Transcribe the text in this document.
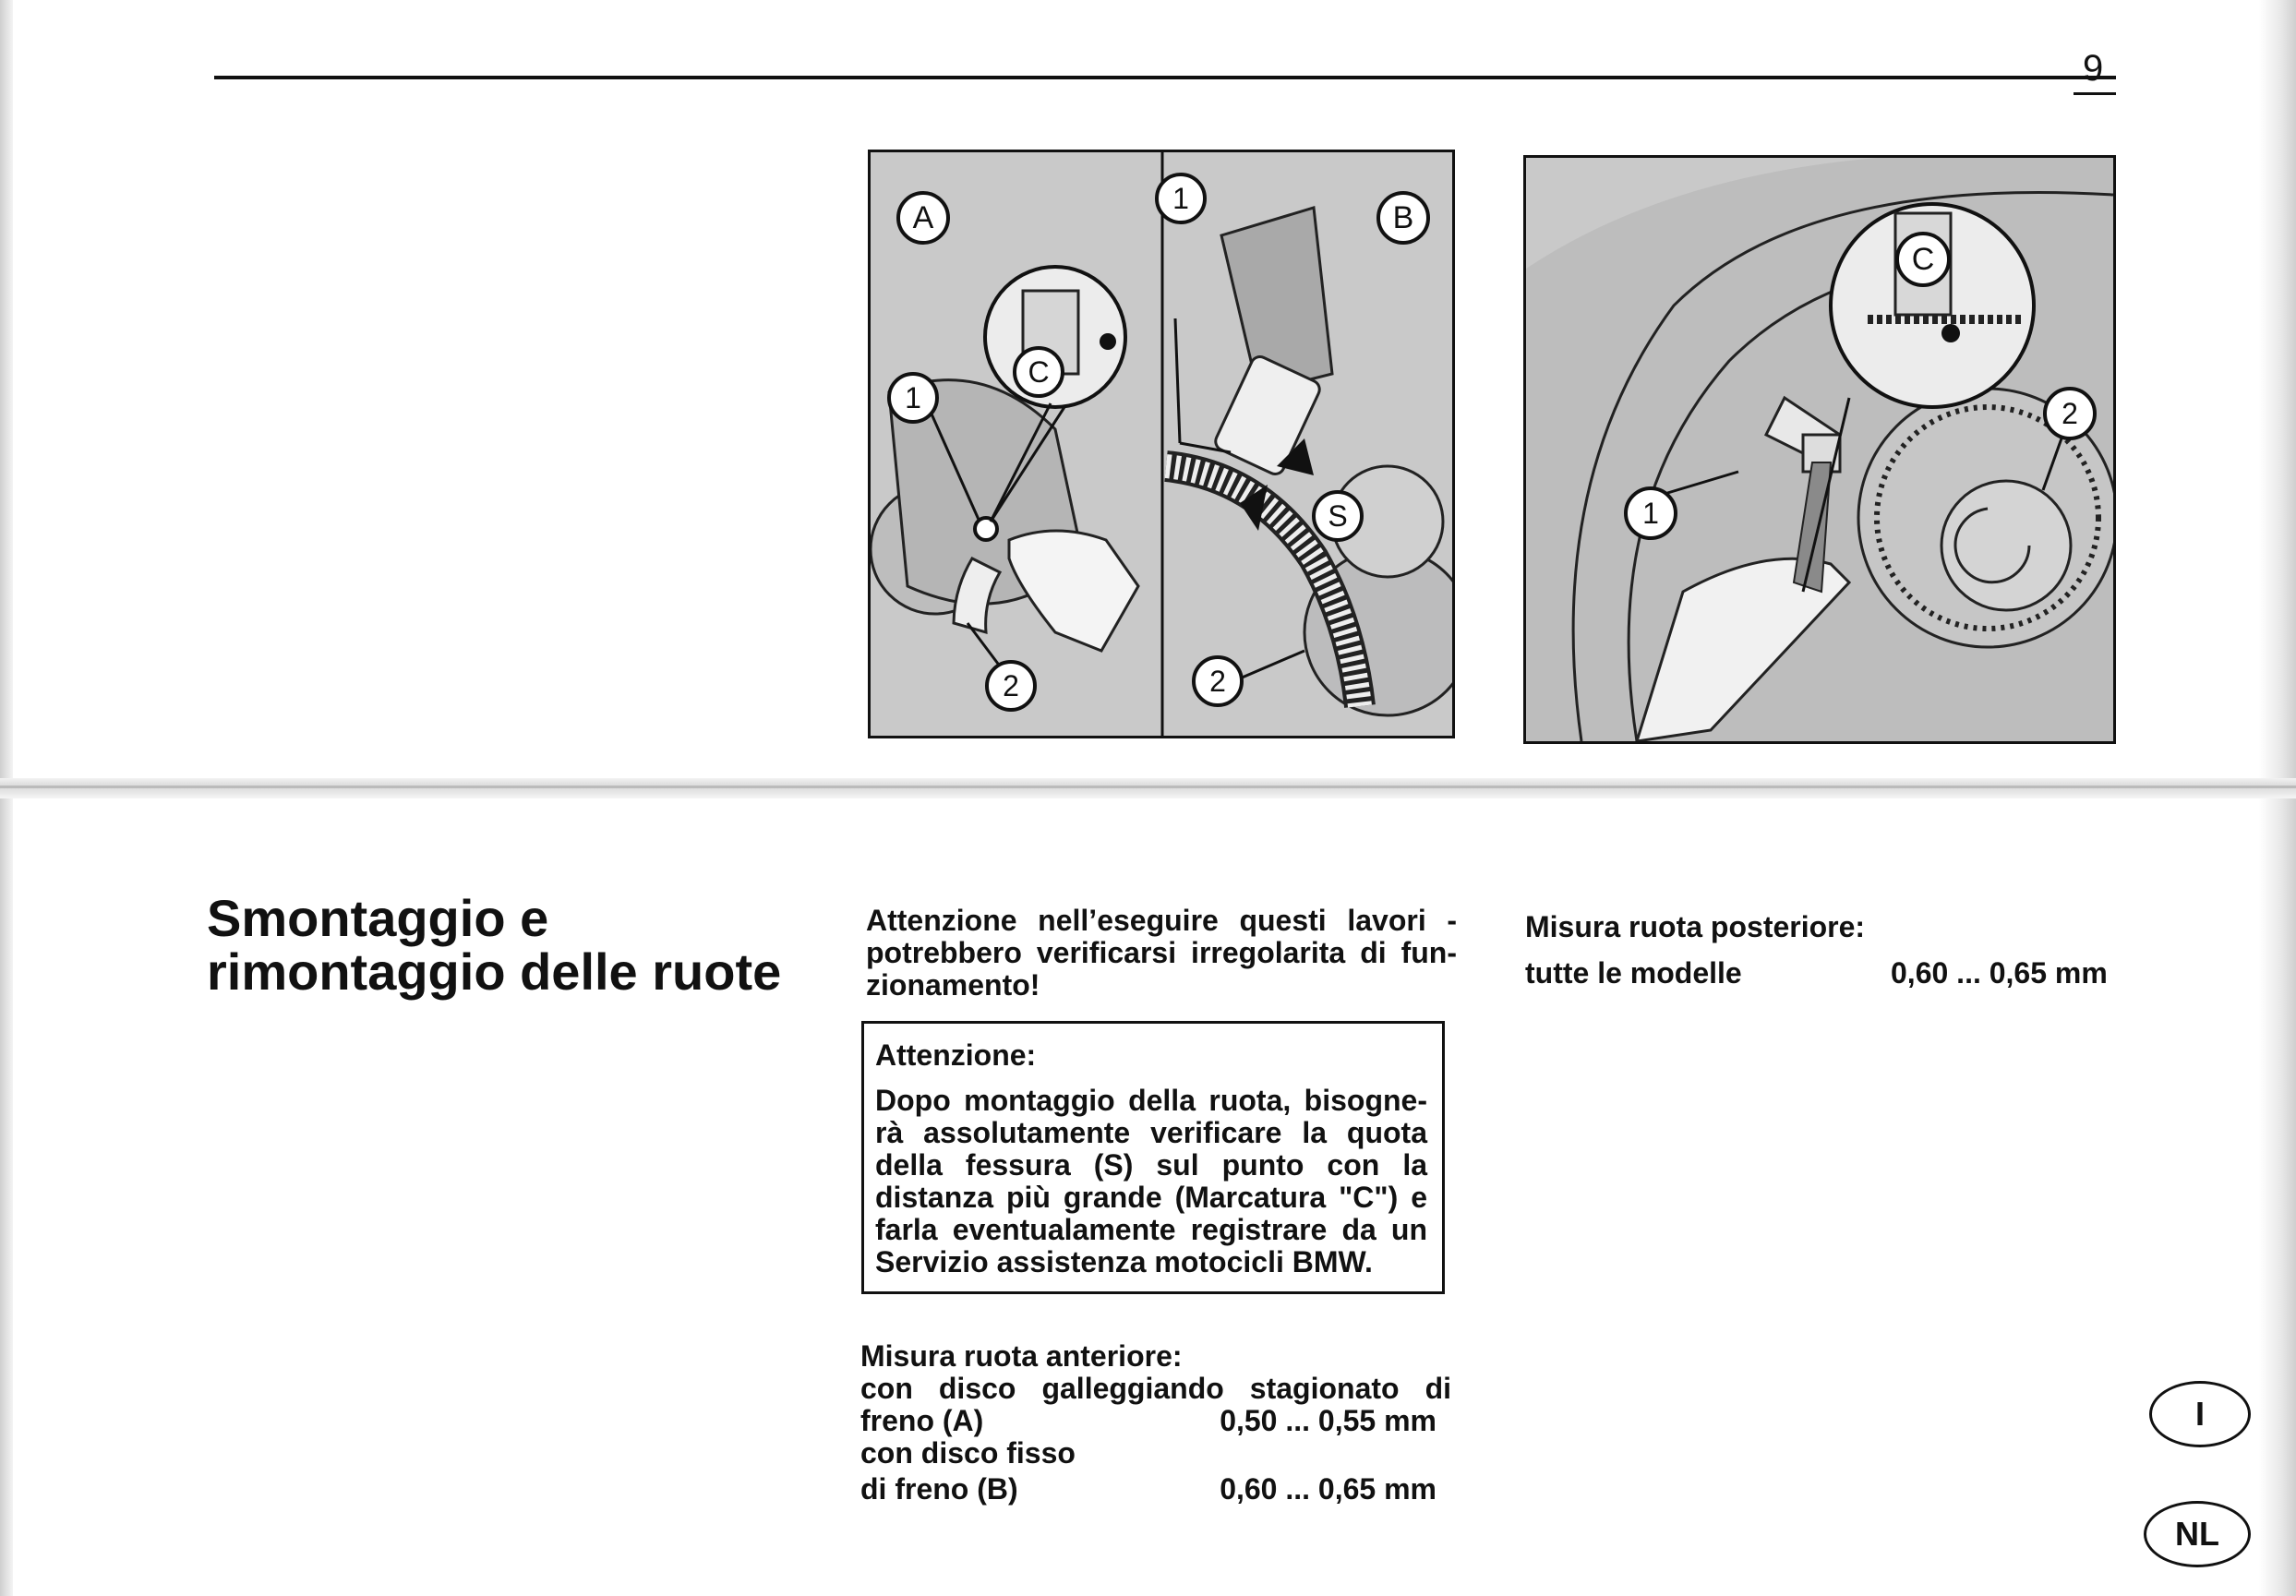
9
A	B
1
C
2
1
S
2
C
1
2
Smontaggio e rimontaggio delle ruote
Attenzione nell’eseguire questi lavori - potrebbero verificarsi irregolarita di fun-zionamento!
Attenzione:
Dopo montaggio della ruota, bisogne-rà assolutamente verificare la quota della fessura (S) sul punto con la distanza più grande (Marcatura "C") e farla eventualamente registrare da un Servizio assistenza motocicli BMW.
Misura ruota anteriore:
con disco galleggiando stagionato di
freno (A)	0,50 ... 0,55 mm
con disco fisso
di freno (B)	0,60 ... 0,65 mm
Misura ruota posteriore:
tutte le modelle	0,60 ... 0,65 mm
I
NL
